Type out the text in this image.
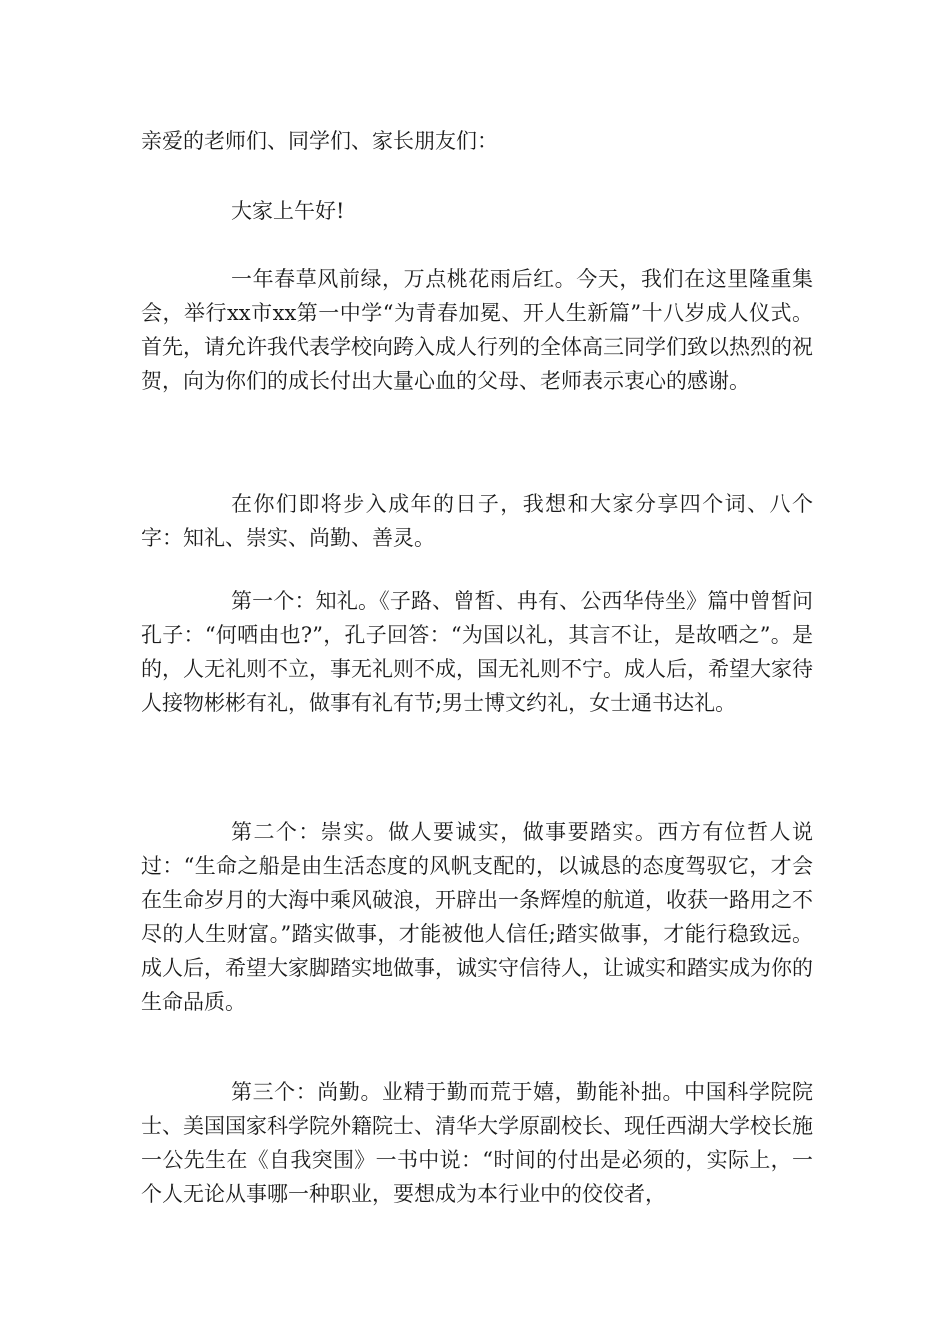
亲爱的老师们、同学们、家长朋友们：

大家上午好!

一年春草风前绿，万点桃花雨后红。今天，我们在这里隆重集会，举行xx市xx第一中学“为青春加冕、开人生新篇”十八岁成人仪式。首先，请允许我代表学校向跨入成人行列的全体高三同学们致以热烈的祝贺，向为你们的成长付出大量心血的父母、老师表示衷心的感谢。

在你们即将步入成年的日子，我想和大家分享四个词、八个字：知礼、崇实、尚勤、善灵。

第一个：知礼。《子路、曾皙、冉有、公西华侍坐》篇中曾皙问孔子：“何哂由也?”，孔子回答：“为国以礼，其言不让，是故哂之”。是的，人无礼则不立，事无礼则不成，国无礼则不宁。成人后，希望大家待人接物彬彬有礼，做事有礼有节;男士博文约礼，女士通书达礼。

第二个：崇实。做人要诚实，做事要踏实。西方有位哲人说过：“生命之船是由生活态度的风帆支配的，以诚恳的态度驾驭它，才会在生命岁月的大海中乘风破浪，开辟出一条辉煌的航道，收获一路用之不尽的人生财富。”踏实做事，才能被他人信任;踏实做事，才能行稳致远。成人后，希望大家脚踏实地做事，诚实守信待人，让诚实和踏实成为你的生命品质。

第三个：尚勤。业精于勤而荒于嬉，勤能补拙。中国科学院院士、美国国家科学院外籍院士、清华大学原副校长、现任西湖大学校长施一公先生在《自我突围》一书中说：“时间的付出是必须的，实际上，一个人无论从事哪一种职业，要想成为本行业中的佼佼者，
